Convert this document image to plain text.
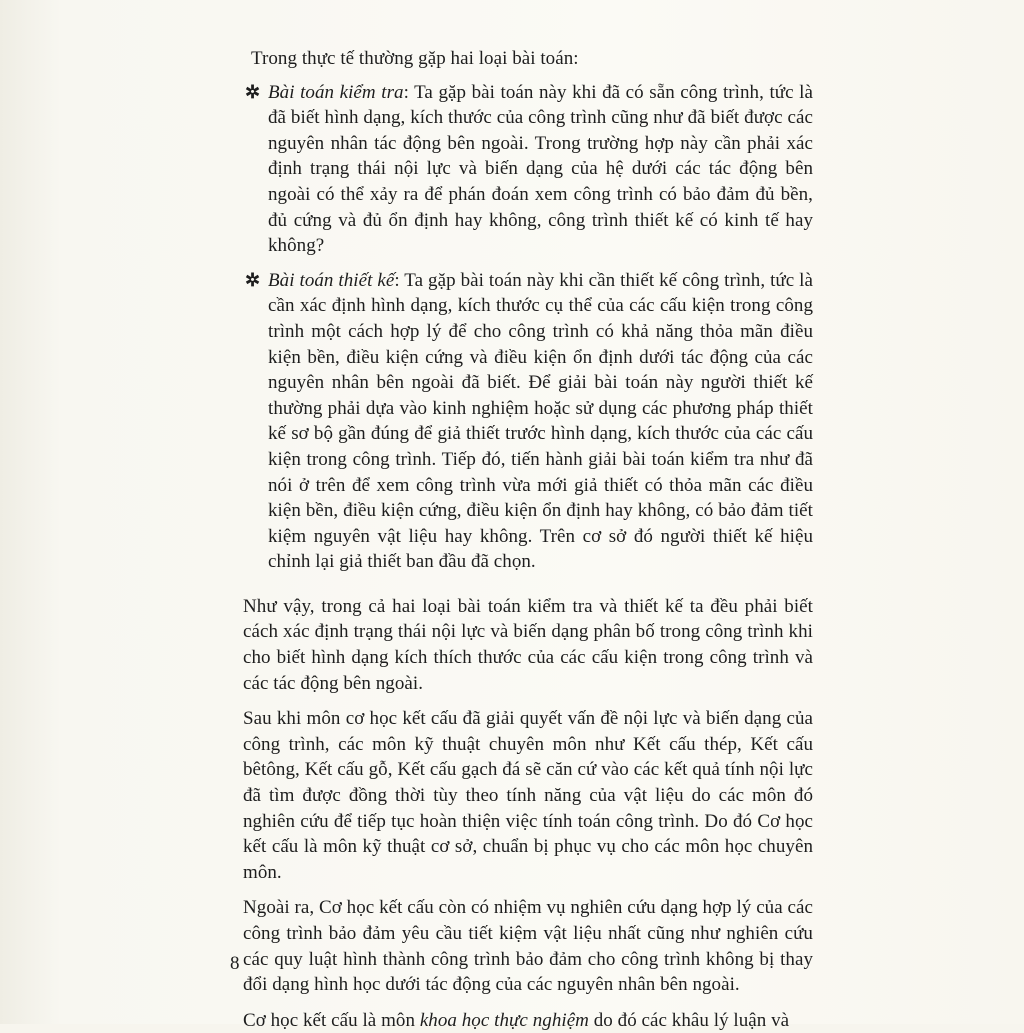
Trong thực tế thường gặp hai loại bài toán:

✲ Bài toán kiểm tra: Ta gặp bài toán này khi đã có sẵn công trình, tức là đã biết hình dạng, kích thước của công trình cũng như đã biết được các nguyên nhân tác động bên ngoài. Trong trường hợp này cần phải xác định trạng thái nội lực và biến dạng của hệ dưới các tác động bên ngoài có thể xảy ra để phán đoán xem công trình có bảo đảm đủ bền, đủ cứng và đủ ổn định hay không, công trình thiết kế có kinh tế hay không?

✲ Bài toán thiết kế: Ta gặp bài toán này khi cần thiết kế công trình, tức là cần xác định hình dạng, kích thước cụ thể của các cấu kiện trong công trình một cách hợp lý để cho công trình có khả năng thỏa mãn điều kiện bền, điều kiện cứng và điều kiện ổn định dưới tác động của các nguyên nhân bên ngoài đã biết. Để giải bài toán này người thiết kế thường phải dựa vào kinh nghiệm hoặc sử dụng các phương pháp thiết kế sơ bộ gần đúng để giả thiết trước hình dạng, kích thước của các cấu kiện trong công trình. Tiếp đó, tiến hành giải bài toán kiểm tra như đã nói ở trên để xem công trình vừa mới giả thiết có thỏa mãn các điều kiện bền, điều kiện cứng, điều kiện ổn định hay không, có bảo đảm tiết kiệm nguyên vật liệu hay không. Trên cơ sở đó người thiết kế hiệu chỉnh lại giả thiết ban đầu đã chọn.

Như vậy, trong cả hai loại bài toán kiểm tra và thiết kế ta đều phải biết cách xác định trạng thái nội lực và biến dạng phân bố trong công trình khi cho biết hình dạng kích thích thước của các cấu kiện trong công trình và các tác động bên ngoài.

Sau khi môn cơ học kết cấu đã giải quyết vấn đề nội lực và biến dạng của công trình, các môn kỹ thuật chuyên môn như Kết cấu thép, Kết cấu bêtông, Kết cấu gỗ, Kết cấu gạch đá sẽ căn cứ vào các kết quả tính nội lực đã tìm được đồng thời tùy theo tính năng của vật liệu do các môn đó nghiên cứu để tiếp tục hoàn thiện việc tính toán công trình. Do đó Cơ học kết cấu là môn kỹ thuật cơ sở, chuẩn bị phục vụ cho các môn học chuyên môn.

Ngoài ra, Cơ học kết cấu còn có nhiệm vụ nghiên cứu dạng hợp lý của các công trình bảo đảm yêu cầu tiết kiệm vật liệu nhất cũng như nghiên cứu các quy luật hình thành công trình bảo đảm cho công trình không bị thay đổi dạng hình học dưới tác động của các nguyên nhân bên ngoài.

Cơ học kết cấu là môn khoa học thực nghiệm do đó các khâu lý luận và

8
